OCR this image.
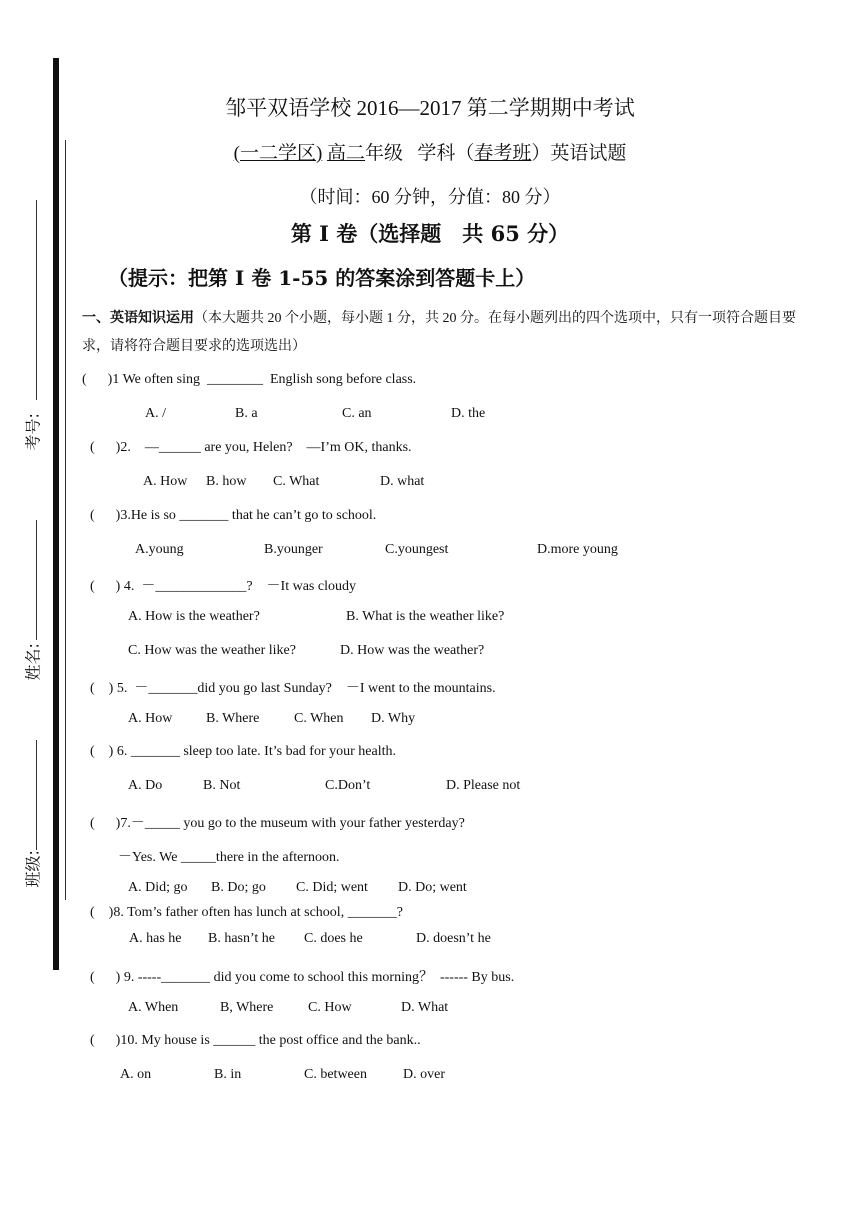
考号:
姓名:
班级:
邹平双语学校 2016—2017 第二学期期中考试
(一二学区) 高二年级 学科（春考班）英语试题
（时间：60 分钟，分值：80 分）
第 I 卷（选择题　共 65 分）
（提示：把第 I 卷 1-55 的答案涂到答题卡上）
一、英语知识运用（本大题共 20 个小题，每小题 1 分，共 20 分。在每小题列出的四个选项中，只有一项符合题目要求，请将符合题目要求的选项选出）
(      )1 We often sing  ________  English song before class.
A. /	B. a	C. an	D. the
(      )2.    —______ are you, Helen?    —I’m OK, thanks.
A. How B. how C. What	D. what
(      )3.He is so _______ that he can’t go to school.
A.young	B.younger	C.youngest	D.more young
(      ) 4.  －_____________?    －It was cloudy
A. How is the weather?	B. What is the weather like?
C. How was the weather like?	D. How was the weather?
(    ) 5.  －_______did you go last Sunday?    －I went to the mountains.
A. How B. Where C. When D. Why
(    ) 6. _______ sleep too late. It’s bad for your health.
A. Do	B. Not	C.Don’t	D. Please not
(      )7.－_____ you go to the museum with your father yesterday?
－Yes. We _____there in the afternoon.
A. Did; go B. Do; go C. Did; went D. Do; went
(    )8. Tom’s father often has lunch at school, _______?
A. has he B. hasn’t he C. does he	D. doesn’t he
(      ) 9. -----_______ did you come to school this morning？  ------ By bus.
A. When	B, Where C. How	D. What
(      )10. My house is ______ the post office and the bank..
A. on	B. in	C. between	D. over
